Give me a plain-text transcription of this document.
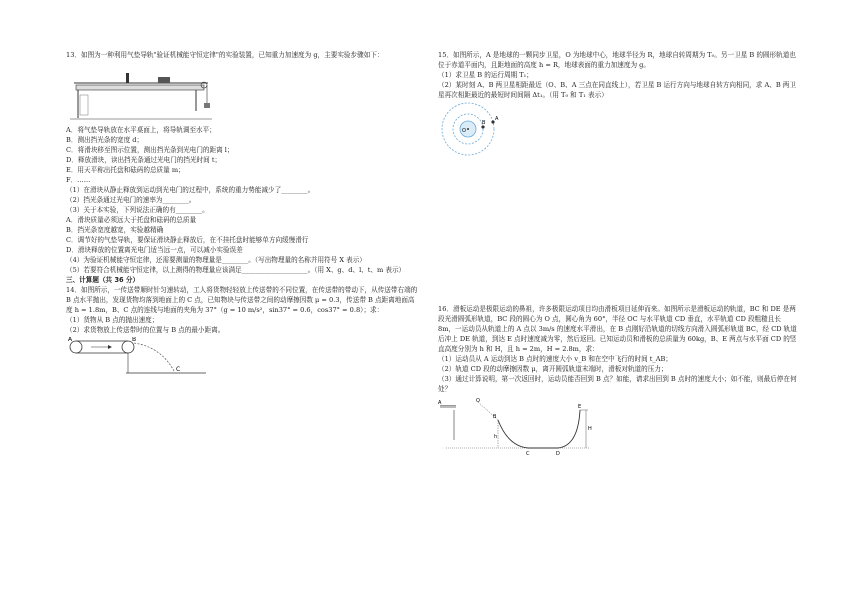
13．如图为一种利用气垫导轨"验证机械能守恒定律"的实验装置，已知重力加速度为 g，主要实验步骤如下：

A．将气垫导轨放在水平桌面上，将导轨调至水平；

B．测出挡光条的宽度 d；

C．将滑块移至图示位置，测出挡光条到光电门的距离 l；

D．释放滑块，读出挡光条通过光电门的挡光时间 t；

E．用天平称出托盘和砝码的总质量 m；

F．……

（1）在滑块从静止释放到运动到光电门的过程中，系统的重力势能减少了________。

（2）挡光条通过光电门的速率为________。

（3）关于本实验，下列说法正确的有________。

A．滑块质量必须远大于托盘和砝码的总质量

B．挡光条宽度越宽，实验越精确

C．调节好的气垫导轨，要保证滑块静止释放后，在不挂托盘时能够单方向缓慢滑行

D．滑块释放的位置离光电门适当远一点，可以减小实验误差

（4）为验证机械能守恒定律，还需要测量的物理量是________。（写出物理量的名称并用符号 X 表示）

（5）若要符合机械能守恒定律，以上测得的物理量应该满足____________________。（用 X、g、d、l、t、m 表示）

三、计算题（共 36 分）

14．如图所示，一传送带顺时针匀速转动，工人将货物轻轻放上传送带的不同位置，在传送带的带动下，从传送带右端的 B 点水平抛出，发现货物均落到地面上的 C 点，已知物块与传送带之间的动摩擦因数 μ = 0.3，传送带 B 点距离地面高度 h = 1.8m，B、C 点的连线与地面的夹角为 37°（g = 10 m/s²，sin37° = 0.6，cos37° = 0.8）；求：

（1）货物从 B 点的抛出速度；

（2）求货物放上传送带时的位置与 B 点的最小距离。

B
A
C

15．如图所示，A 是地球的一颗同步卫星，O 为地球中心，地球半径为 R，地球自转周期为 T₀。另一卫星 B 的圆形轨道也位于赤道平面内，且距地面的高度 h = R，地球表面的重力加速度为 g。

（1）求卫星 B 的运行周期 T₁；

（2）某时刻 A、B 两卫星相距最近（O、B、A 三点在同直线上），若卫星 B 运行方向与地球自转方向相同，求 A、B 两卫星再次相距最近的最短时间间隔 Δt₁。（用 T₀ 和 T₁ 表示）

O
B
A

16．滑板运动是极限运动的鼻祖，许多极限运动项目均由滑板项目延伸而来。如图所示是滑板运动的轨道，BC 和 DE 是两段光滑圆弧形轨道，BC 段的圆心为 O 点，圆心角为 60°，半径 OC 与水平轨道 CD 垂直，水平轨道 CD 段粗糙且长 8m，一运动员从轨道上的 A 点以 3m/s 的速度水平滑出，在 B 点刚好沿轨道的切线方向滑入圆弧形轨道 BC，经 CD 轨道后冲上 DE 轨道，到达 E 点时速度减为零，然后返回。已知运动员和滑板的总质量为 60kg，B、E 两点与水平面 CD 的竖直高度分别为 h 和 H，且 h = 2m，H = 2.8m，求：

（1）运动员从 A 运动到达 B 点时的速度大小 v_B 和在空中飞行的时间 t_AB；

（2）轨道 CD 段的动摩擦因数 μ，离开圆弧轨道末端时，滑板对轨道的压力；

（3）通过计算说明，第一次返回时，运动员能否回到 B 点？如能，请求出回到 B 点时的速度大小；如不能，则最后停在何处？

A
B
O
C	D
E
h
H
